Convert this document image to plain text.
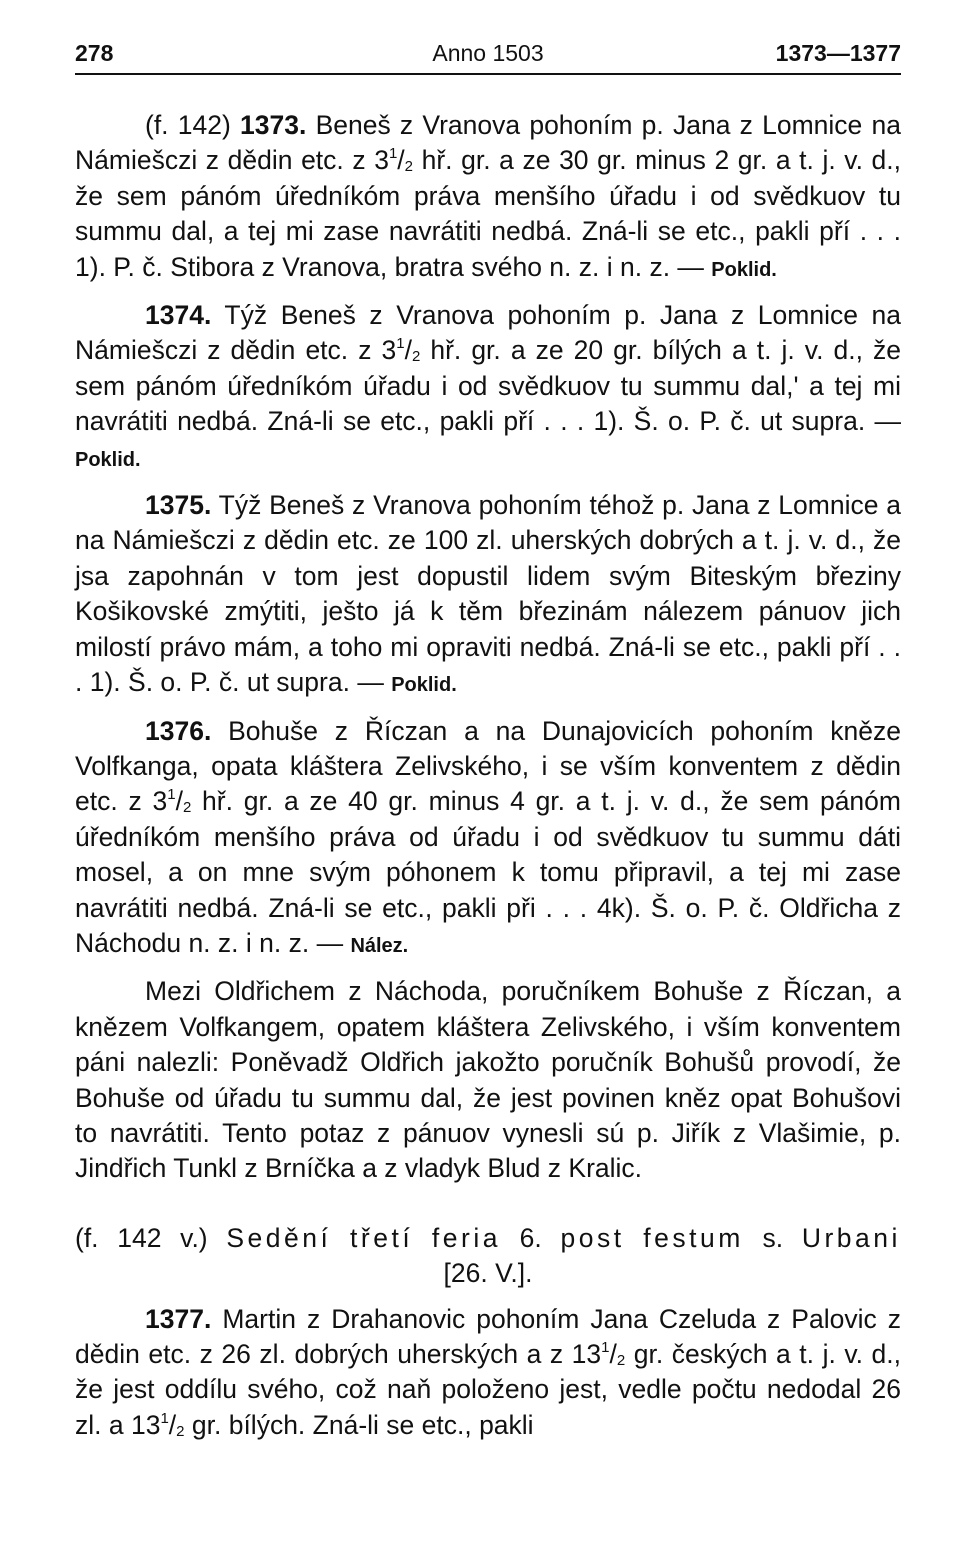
278	Anno 1503	1373—1377

(f. 142) 1373. Beneš z Vranova pohoním p. Jana z Lomnice na Námiešczi z dědin etc. z $3^1/_2$ hř. gr. a ze 30 gr. minus 2 gr. a t. j. v. d., že sem pánóm úředníkóm práva menšího úřadu i od svědkuov tu summu dal, a tej mi zase navrátiti nedbá. Zná-li se etc., pakli pří . . . 1). P. č. Stibora z Vranova, bratra svého n. z. i n. z. — Poklid.

1374. Týž Beneš z Vranova pohoním p. Jana z Lomnice na Námiešczi z dědin etc. z $3^1/_2$ hř. gr. a ze 20 gr. bílých a t. j. v. d., že sem pánóm úředníkóm úřadu i od svědkuov tu summu dal,' a tej mi navrátiti nedbá. Zná-li se etc., pakli pří . . . 1). Š. o. P. č. ut supra. — Poklid.

1375. Týž Beneš z Vranova pohoním téhož p. Jana z Lomnice a na Námiešczi z dědin etc. ze 100 zl. uherských dobrých a t. j. v. d., že jsa zapohnán v tom jest dopustil lidem svým Biteským březiny Košikovské zmýtiti, ješto já k těm březinám nálezem pánuov jich milostí právo mám, a toho mi opraviti nedbá. Zná-li se etc., pakli pří . . . 1). Š. o. P. č. ut supra. — Poklid.

1376. Bohuše z Říczan a na Dunajovicích pohoním kněze Volfkanga, opata kláštera Zelivského, i se vším konventem z dědin etc. z $3^1/_2$ hř. gr. a ze 40 gr. minus 4 gr. a t. j. v. d., že sem pánóm úředníkóm menšího práva od úřadu i od svědkuov tu summu dáti mosel, a on mne svým póhonem k tomu připravil, a tej mi zase navrátiti nedbá. Zná-li se etc., pakli při . . . 4k). Š. o. P. č. Oldřicha z Náchodu n. z. i n. z. — Nález.

Mezi Oldřichem z Náchoda, poručníkem Bohuše z Říczan, a knězem Volfkangem, opatem kláštera Zelivského, i vším konventem páni nalezli: Poněvadž Oldřich jakožto poručník Bohušů provodí, že Bohuše od úřadu tu summu dal, že jest povinen kněz opat Bohušovi to navrátiti. Tento potaz z pánuov vynesli sú p. Jiřík z Vlašimie, p. Jindřich Tunkl z Brníčka a z vladyk Blud z Kralic.

(f. 142 v.) Sedění třetí feria 6. post festum s. Urbani
[26. V.].

1377. Martin z Drahanovic pohoním Jana Czeluda z Palovic z dědin etc. z 26 zl. dobrých uherských a z $13^1/_2$ gr. českých a t. j. v. d., že jest oddílu svého, což naň položeno jest, vedle počtu nedodal 26 zl. a $13^1/_2$ gr. bílých. Zná-li se etc., pakli
